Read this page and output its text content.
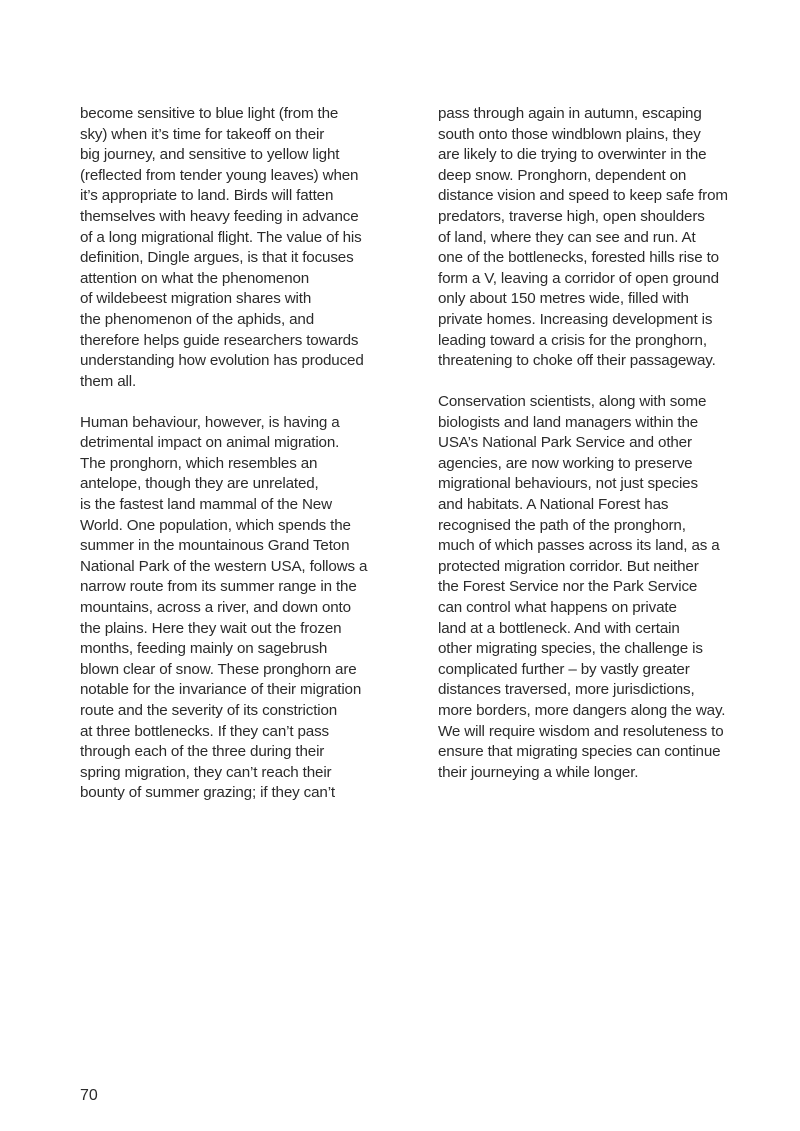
become sensitive to blue light (from the
sky) when it’s time for takeoff on their
big journey, and sensitive to yellow light
(reflected from tender young leaves) when
it’s appropriate to land. Birds will fatten
themselves with heavy feeding in advance
of a long migrational flight. The value of his
definition, Dingle argues, is that it focuses
attention on what the phenomenon
of wildebeest migration shares with
the phenomenon of the aphids, and
therefore helps guide researchers towards
understanding how evolution has produced
them all.

Human behaviour, however, is having a
detrimental impact on animal migration.
The pronghorn, which resembles an
antelope, though they are unrelated,
is the fastest land mammal of the New
World. One population, which spends the
summer in the mountainous Grand Teton
National Park of the western USA, follows a
narrow route from its summer range in the
mountains, across a river, and down onto
the plains. Here they wait out the frozen
months, feeding mainly on sagebrush
blown clear of snow. These pronghorn are
notable for the invariance of their migration
route and the severity of its constriction
at three bottlenecks. If they can’t pass
through each of the three during their
spring migration, they can’t reach their
bounty of summer grazing; if they can’t

pass through again in autumn, escaping
south onto those windblown plains, they
are likely to die trying to overwinter in the
deep snow. Pronghorn, dependent on
distance vision and speed to keep safe from
predators, traverse high, open shoulders
of land, where they can see and run. At
one of the bottlenecks, forested hills rise to
form a V, leaving a corridor of open ground
only about 150 metres wide, filled with
private homes. Increasing development is
leading toward a crisis for the pronghorn,
threatening to choke off their passageway.

Conservation scientists, along with some
biologists and land managers within the
USA’s National Park Service and other
agencies, are now working to preserve
migrational behaviours, not just species
and habitats. A National Forest has
recognised the path of the pronghorn,
much of which passes across its land, as a
protected migration corridor. But neither
the Forest Service nor the Park Service
can control what happens on private
land at a bottleneck. And with certain
other migrating species, the challenge is
complicated further – by vastly greater
distances traversed, more jurisdictions,
more borders, more dangers along the way.
We will require wisdom and resoluteness to
ensure that migrating species can continue
their journeying a while longer.

70
